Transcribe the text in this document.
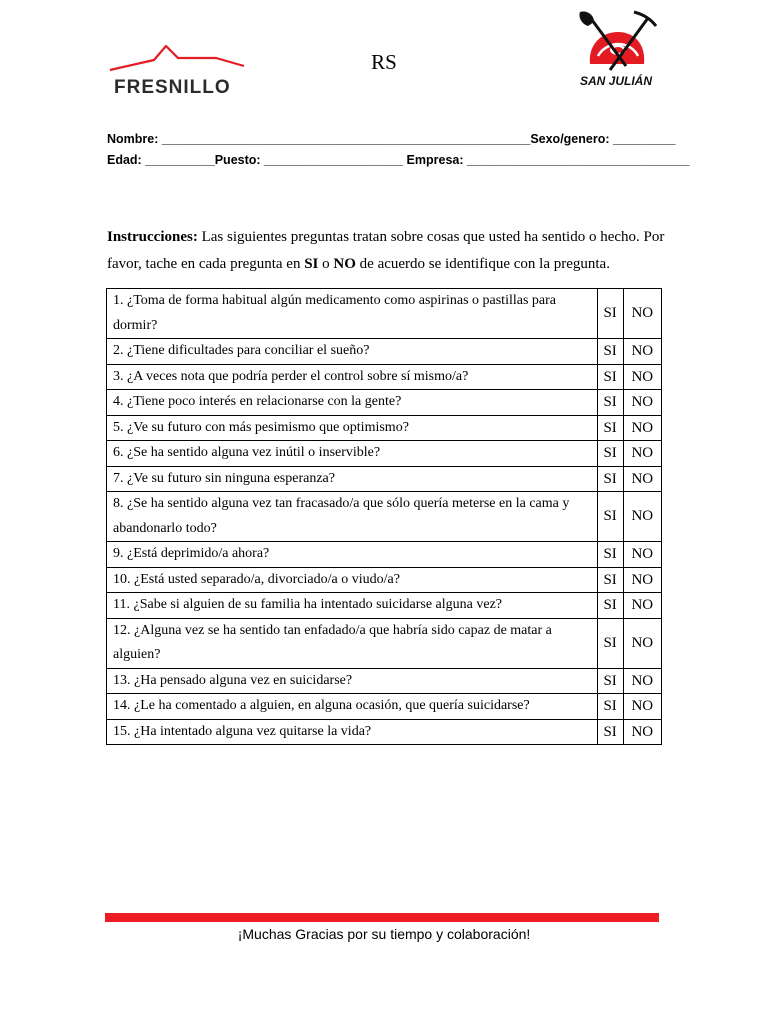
FRESNILLO
RS
SAN JULIÁN
Nombre: _____________________________________________________Sexo/genero: _________
Edad: __________Puesto: ____________________ Empresa: ________________________________
Instrucciones: Las siguientes preguntas tratan sobre cosas que usted ha sentido o hecho. Por favor, tache en cada pregunta en SI o NO de acuerdo se identifique con la pregunta.
1. ¿Toma de forma habitual algún medicamento como aspirinas o pastillas para dormir?	SI	NO
2. ¿Tiene dificultades para conciliar el sueño?	SI	NO
3. ¿A veces nota que podría perder el control sobre sí mismo/a?	SI	NO
4. ¿Tiene poco interés en relacionarse con la gente?	SI	NO
5. ¿Ve su futuro con más pesimismo que optimismo?	SI	NO
6. ¿Se ha sentido alguna vez inútil o inservible?	SI	NO
7. ¿Ve su futuro sin ninguna esperanza?	SI	NO
8. ¿Se ha sentido alguna vez tan fracasado/a que sólo quería meterse en la cama y abandonarlo todo?	SI	NO
9. ¿Está deprimido/a ahora?	SI	NO
10. ¿Está usted separado/a, divorciado/a o viudo/a?	SI	NO
11. ¿Sabe si alguien de su familia ha intentado suicidarse alguna vez?	SI	NO
12. ¿Alguna vez se ha sentido tan enfadado/a que habría sido capaz de matar a alguien?	SI	NO
13. ¿Ha pensado alguna vez en suicidarse?	SI	NO
14. ¿Le ha comentado a alguien, en alguna ocasión, que quería suicidarse?	SI	NO
15. ¿Ha intentado alguna vez quitarse la vida?	SI	NO
¡Muchas Gracias por su tiempo y colaboración!
